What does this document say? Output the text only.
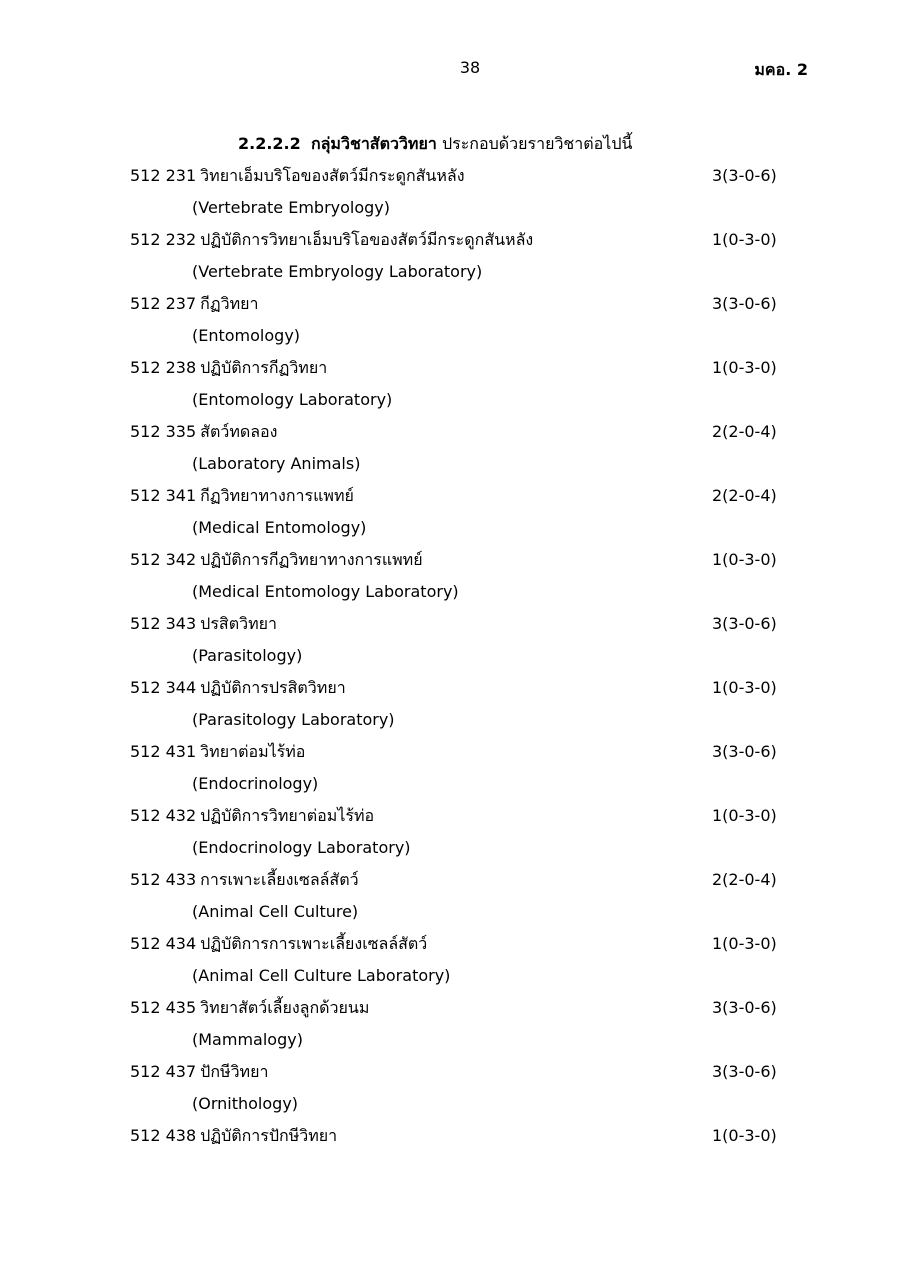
38	มคอ. 2
2.2.2.2 กลุ่มวิชาสัตววิทยา ประกอบด้วยรายวิชาต่อไปนี้
512 231 วิทยาเอ็มบริโอของสัตว์มีกระดูกสันหลัง	3(3-0-6)
(Vertebrate Embryology)
512 232 ปฏิบัติการวิทยาเอ็มบริโอของสัตว์มีกระดูกสันหลัง	1(0-3-0)
(Vertebrate Embryology Laboratory)
512 237 กีฏวิทยา	3(3-0-6)
(Entomology)
512 238 ปฏิบัติการกีฏวิทยา	1(0-3-0)
(Entomology Laboratory)
512 335 สัตว์ทดลอง	2(2-0-4)
(Laboratory Animals)
512 341 กีฏวิทยาทางการแพทย์	2(2-0-4)
(Medical Entomology)
512 342 ปฏิบัติการกีฏวิทยาทางการแพทย์	1(0-3-0)
(Medical Entomology Laboratory)
512 343 ปรสิตวิทยา	3(3-0-6)
(Parasitology)
512 344 ปฏิบัติการปรสิตวิทยา	1(0-3-0)
(Parasitology Laboratory)
512 431 วิทยาต่อมไร้ท่อ	3(3-0-6)
(Endocrinology)
512 432 ปฏิบัติการวิทยาต่อมไร้ท่อ	1(0-3-0)
(Endocrinology Laboratory)
512 433 การเพาะเลี้ยงเซลล์สัตว์	2(2-0-4)
(Animal Cell Culture)
512 434 ปฏิบัติการการเพาะเลี้ยงเซลล์สัตว์	1(0-3-0)
(Animal Cell Culture Laboratory)
512 435 วิทยาสัตว์เลี้ยงลูกด้วยนม	3(3-0-6)
(Mammalogy)
512 437 ปักษีวิทยา	3(3-0-6)
(Ornithology)
512 438 ปฏิบัติการปักษีวิทยา	1(0-3-0)
